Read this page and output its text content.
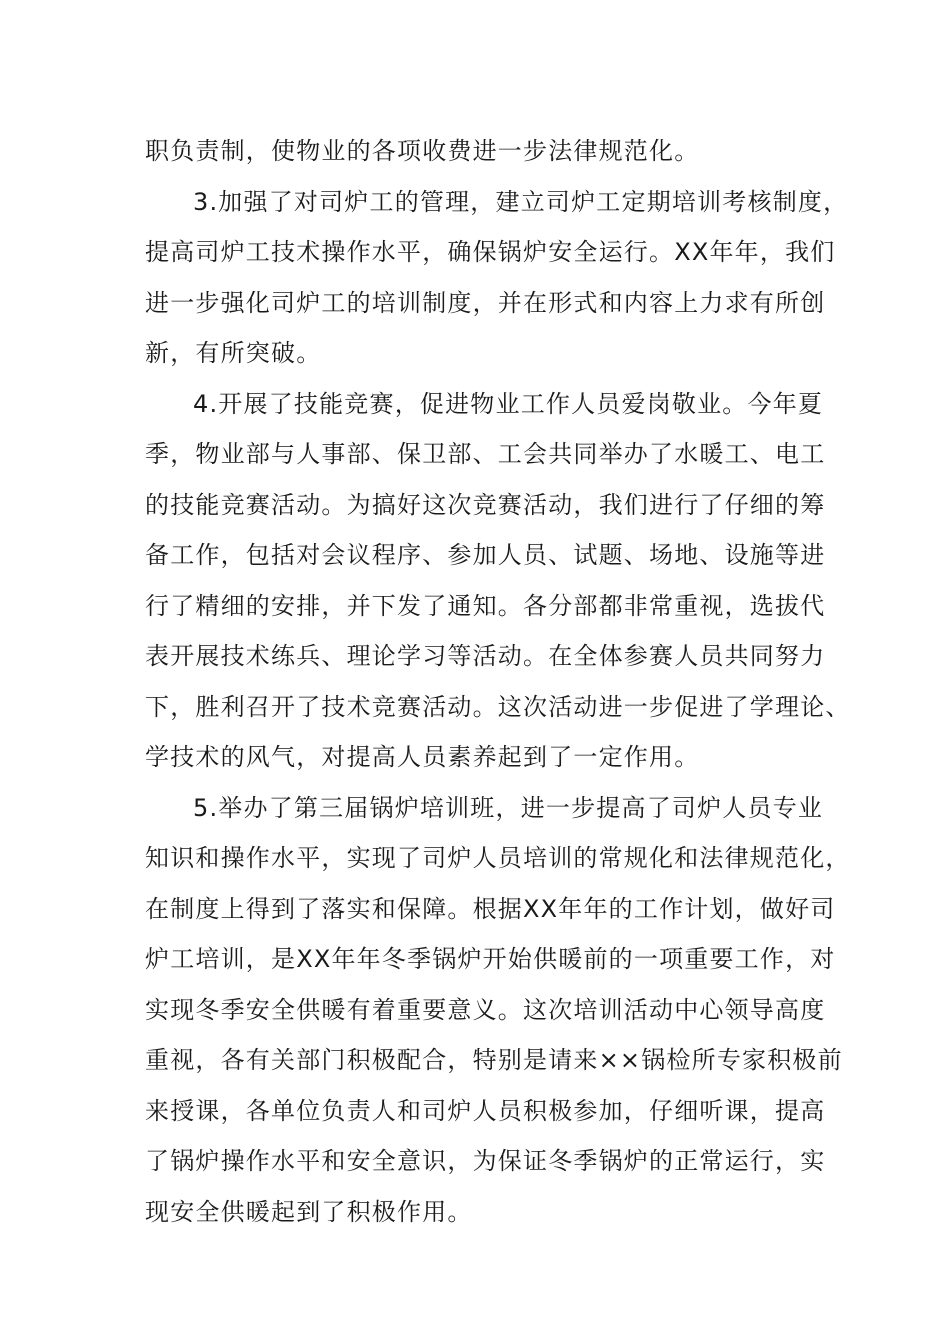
职负责制，使物业的各项收费进一步法律规范化。
3.加强了对司炉工的管理，建立司炉工定期培训考核制度，
提高司炉工技术操作水平，确保锅炉安全运行。XX年年，我们
进一步强化司炉工的培训制度，并在形式和内容上力求有所创
新，有所突破。
4.开展了技能竞赛，促进物业工作人员爱岗敬业。今年夏
季，物业部与人事部、保卫部、工会共同举办了水暖工、电工
的技能竞赛活动。为搞好这次竞赛活动，我们进行了仔细的筹
备工作，包括对会议程序、参加人员、试题、场地、设施等进
行了精细的安排，并下发了通知。各分部都非常重视，选拔代
表开展技术练兵、理论学习等活动。在全体参赛人员共同努力
下，胜利召开了技术竞赛活动。这次活动进一步促进了学理论、
学技术的风气，对提高人员素养起到了一定作用。
5.举办了第三届锅炉培训班，进一步提高了司炉人员专业
知识和操作水平，实现了司炉人员培训的常规化和法律规范化，
在制度上得到了落实和保障。根据XX年年的工作计划，做好司
炉工培训，是XX年年冬季锅炉开始供暖前的一项重要工作，对
实现冬季安全供暖有着重要意义。这次培训活动中心领导高度
重视，各有关部门积极配合，特别是请来××锅检所专家积极前
来授课，各单位负责人和司炉人员积极参加，仔细听课，提高
了锅炉操作水平和安全意识，为保证冬季锅炉的正常运行，实
现安全供暖起到了积极作用。
